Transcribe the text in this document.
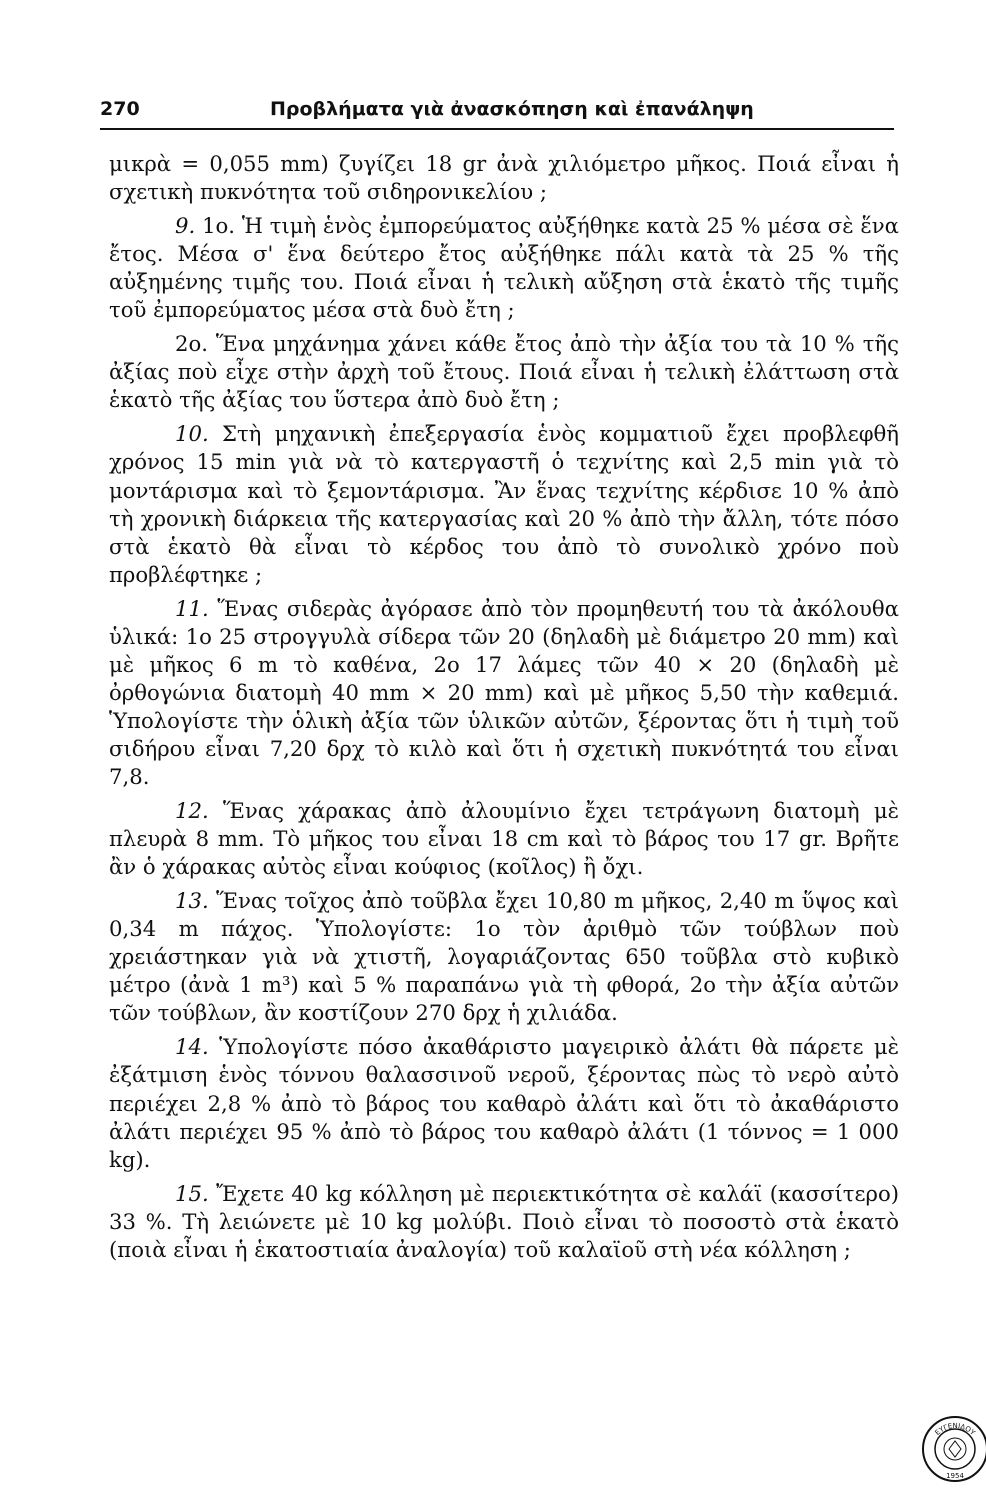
270	Προβλήματα γιὰ ἀνασκόπηση καὶ ἐπανάληψη

μικρὰ = 0,055 mm) ζυγίζει 18 gr ἀνὰ χιλιόμετρο μῆκος. Ποιά εἶναι ἡ σχετικὴ πυκνότητα τοῦ σιδηρονικελίου ;

9. 1ο. Ἡ τιμὴ ἑνὸς ἐμπορεύματος αὐξήθηκε κατὰ 25 % μέσα σὲ ἕνα ἔτος. Μέσα σ' ἕνα δεύτερο ἔτος αὐξήθηκε πάλι κατὰ τὰ 25 % τῆς αὐξημένης τιμῆς του. Ποιά εἶναι ἡ τελικὴ αὔξηση στὰ ἑκατὸ τῆς τιμῆς τοῦ ἐμπορεύματος μέσα στὰ δυὸ ἔτη ;

2ο. Ἕνα μηχάνημα χάνει κάθε ἔτος ἀπὸ τὴν ἀξία του τὰ 10 % τῆς ἀξίας ποὺ εἶχε στὴν ἀρχὴ τοῦ ἔτους. Ποιά εἶναι ἡ τελικὴ ἐλάττωση στὰ ἑκατὸ τῆς ἀξίας του ὕστερα ἀπὸ δυὸ ἔτη ;

10. Στὴ μηχανικὴ ἐπεξεργασία ἑνὸς κομματιοῦ ἔχει προβλεφθῆ χρόνος 15 min γιὰ νὰ τὸ κατεργαστῆ ὁ τεχνίτης καὶ 2,5 min γιὰ τὸ μοντάρισμα καὶ τὸ ξεμοντάρισμα. Ἂν ἕνας τεχνίτης κέρδισε 10 % ἀπὸ τὴ χρονικὴ διάρκεια τῆς κατεργασίας καὶ 20 % ἀπὸ τὴν ἄλλη, τότε πόσο στὰ ἑκατὸ θὰ εἶναι τὸ κέρδος του ἀπὸ τὸ συνολικὸ χρόνο ποὺ προβλέφτηκε ;

11. Ἕνας σιδερὰς ἀγόρασε ἀπὸ τὸν προμηθευτή του τὰ ἀκόλουθα ὑλικά: 1ο 25 στρογγυλὰ σίδερα τῶν 20 (δηλαδὴ μὲ διάμετρο 20 mm) καὶ μὲ μῆκος 6 m τὸ καθένα, 2ο 17 λάμες τῶν 40 × 20 (δηλαδὴ μὲ ὀρθογώνια διατομὴ 40 mm × 20 mm) καὶ μὲ μῆκος 5,50 τὴν καθεμιά. Ὑπολογίστε τὴν ὁλικὴ ἀξία τῶν ὑλικῶν αὐτῶν, ξέροντας ὅτι ἡ τιμὴ τοῦ σιδήρου εἶναι 7,20 δρχ τὸ κιλὸ καὶ ὅτι ἡ σχετικὴ πυκνότητά του εἶναι 7,8.

12. Ἕνας χάρακας ἀπὸ ἀλουμίνιο ἔχει τετράγωνη διατομὴ μὲ πλευρὰ 8 mm. Τὸ μῆκος του εἶναι 18 cm καὶ τὸ βάρος του 17 gr. Βρῆτε ἂν ὁ χάρακας αὐτὸς εἶναι κούφιος (κοῖλος) ἢ ὄχι.

13. Ἕνας τοῖχος ἀπὸ τοῦβλα ἔχει 10,80 m μῆκος, 2,40 m ὕψος καὶ 0,34 m πάχος. Ὑπολογίστε: 1ο τὸν ἀριθμὸ τῶν τούβλων ποὺ χρειάστηκαν γιὰ νὰ χτιστῆ, λογαριάζοντας 650 τοῦβλα στὸ κυβικὸ μέτρο (ἀνὰ 1 m³) καὶ 5 % παραπάνω γιὰ τὴ φθορά, 2ο τὴν ἀξία αὐτῶν τῶν τούβλων, ἂν κοστίζουν 270 δρχ ἡ χιλιάδα.

14. Ὑπολογίστε πόσο ἀκαθάριστο μαγειρικὸ ἀλάτι θὰ πάρετε μὲ ἐξάτμιση ἑνὸς τόννου θαλασσινοῦ νεροῦ, ξέροντας πὼς τὸ νερὸ αὐτὸ περιέχει 2,8 % ἀπὸ τὸ βάρος του καθαρὸ ἀλάτι καὶ ὅτι τὸ ἀκαθάριστο ἀλάτι περιέχει 95 % ἀπὸ τὸ βάρος του καθαρὸ ἀλάτι (1 τόννος = 1 000 kg).

15. Ἔχετε 40 kg κόλληση μὲ περιεκτικότητα σὲ καλάϊ (κασσίτερο) 33 %. Τὴ λειώνετε μὲ 10 kg μολύβι. Ποιὸ εἶναι τὸ ποσοστὸ στὰ ἑκατὸ (ποιὰ εἶναι ἡ ἑκατοστιαία ἀναλογία) τοῦ καλαϊοῦ στὴ νέα κόλληση ;

ΕΥΓΕΝΙΔΟΥ
1954
